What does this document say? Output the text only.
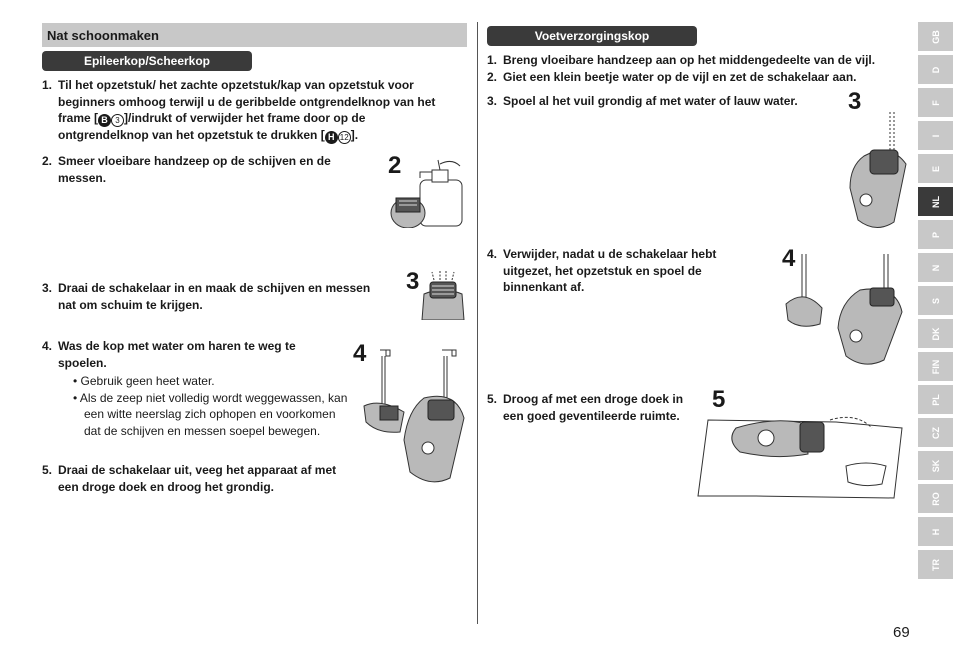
Nat schoonmaken
Epileerkop/Scheerkop
1. Til het opzetstuk/ het zachte opzetstuk/kap van opzetstuk voor beginners omhoog terwijl u de geribbelde ontgrendelknop van het frame [ B 3 ]/indrukt of verwijder het frame door op de ontgrendelknop van het opzetstuk te drukken [ H 12 ].
2. Smeer vloeibare handzeep op de schijven en de messen.	2
3. Draai de schakelaar in en maak de schijven en messen nat om schuim te krijgen.
3
4. Was de kop met water om haren te weg te spoelen.
• Gebruik geen heet water.
• Als de zeep niet volledig wordt weggewassen, kan een witte neerslag zich ophopen en voorkomen dat de schijven en messen soepel bewegen.
4
5. Draai de schakelaar uit, veeg het apparaat af met een droge doek en droog het grondig.
Voetverzorgingskop
1. Breng vloeibare handzeep aan op het middengedeelte van de vijl.
2. Giet een klein beetje water op de vijl en zet de schakelaar aan.
3. Spoel al het vuil grondig af met water of lauw water.	3
4. Verwijder, nadat u de schakelaar hebt uitgezet, het opzetstuk en spoel de binnenkant af.
4
5. Droog af met een droge doek in een goed geventileerde ruimte.
5
GB
D
F
I
E
NL
P
N
S
DK
FIN
PL
CZ
SK
RO
H
TR
69
